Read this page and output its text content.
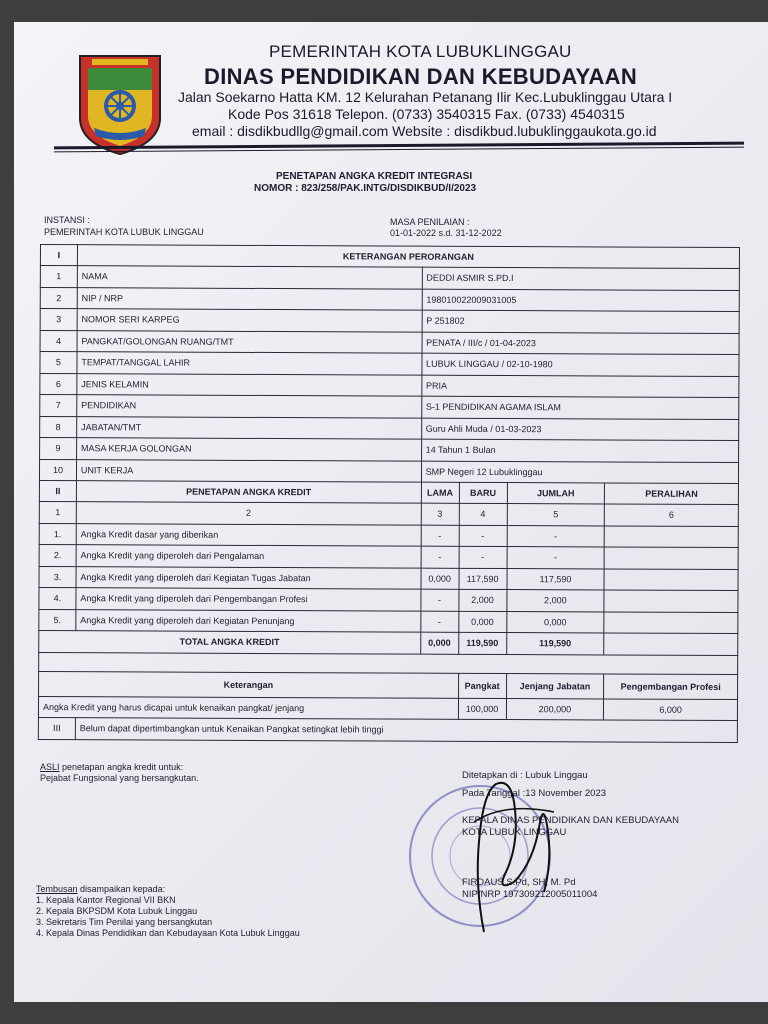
PEMERINTAH KOTA LUBUKLINGGAU
DINAS PENDIDIKAN DAN KEBUDAYAAN
Jalan Soekarno Hatta KM. 12 Kelurahan Petanang Ilir Kec.Lubuklinggau Utara I
Kode Pos 31618 Telepon. (0733) 3540315 Fax. (0733) 4540315
email : disdikbudllg@gmail.com Website : disdikbud.lubuklinggaukota.go.id
PENETAPAN ANGKA KREDIT INTEGRASI
NOMOR : 823/258/PAK.INTG/DISDIKBUD/I/2023
INSTANSI :
PEMERINTAH KOTA LUBUK LINGGAU
MASA PENILAIAN :
01-01-2022 s.d. 31-12-2022
I	KETERANGAN PERORANGAN				
1	NAMA	DEDDI ASMIR S.PD.I			
2	NIP / NRP	198010022009031005			
3	NOMOR SERI KARPEG	P 251802			
4	PANGKAT/GOLONGAN RUANG/TMT	PENATA / III/c / 01-04-2023			
5	TEMPAT/TANGGAL LAHIR	LUBUK LINGGAU / 02-10-1980			
6	JENIS KELAMIN	PRIA			
7	PENDIDIKAN	S-1 PENDIDIKAN AGAMA ISLAM			
8	JABATAN/TMT	Guru Ahli Muda / 01-03-2023			
9	MASA KERJA GOLONGAN	14 Tahun 1 Bulan			
10	UNIT KERJA	SMP Negeri 12 Lubuklinggau			
II	PENETAPAN ANGKA KREDIT	LAMA	BARU	JUMLAH	PERALIHAN
1	2	3	4	5	6
1.	Angka Kredit dasar yang diberikan	-	-	-	
2.	Angka Kredit yang diperoleh dari Pengalaman	-	-	-	
3.	Angka Kredit yang diperoleh dari Kegiatan Tugas Jabatan	0,000	117,590	117,590	
4.	Angka Kredit yang diperoleh dari Pengembangan Profesi	-	2,000	2,000	
5.	Angka Kredit yang diperoleh dari Kegiatan Penunjang	-	0,000	0,000	
TOTAL ANGKA KREDIT		0,000	119,590	119,590	

Keterangan			Pangkat	Jenjang Jabatan	Pengembangan Profesi
Angka Kredit yang harus dicapai untuk kenaikan pangkat/ jenjang			100,000	200,000	6,000
III	Belum dapat dipertimbangkan untuk Kenaikan Pangkat setingkat lebih tinggi				
ASLI penetapan angka kredit untuk:
Pejabat Fungsional yang bersangkutan.	Ditetapkan di : Lubuk Linggau
Pada Tanggal :13 November 2023
KEPALA DINAS PENDIDIKAN DAN KEBUDAYAAN
KOTA LUBUK LINGGAU
FIRDAUS S.Pd, SH, M. Pd
NIP/NRP 197309212005011004
Tembusan disampaikan kepada:
1. Kepala Kantor Regional VII BKN
2. Kepala BKPSDM Kota Lubuk Linggau
3. Sekretaris Tim Penilai yang bersangkutan
4. Kepala Dinas Pendidikan dan Kebudayaan Kota Lubuk Linggau
